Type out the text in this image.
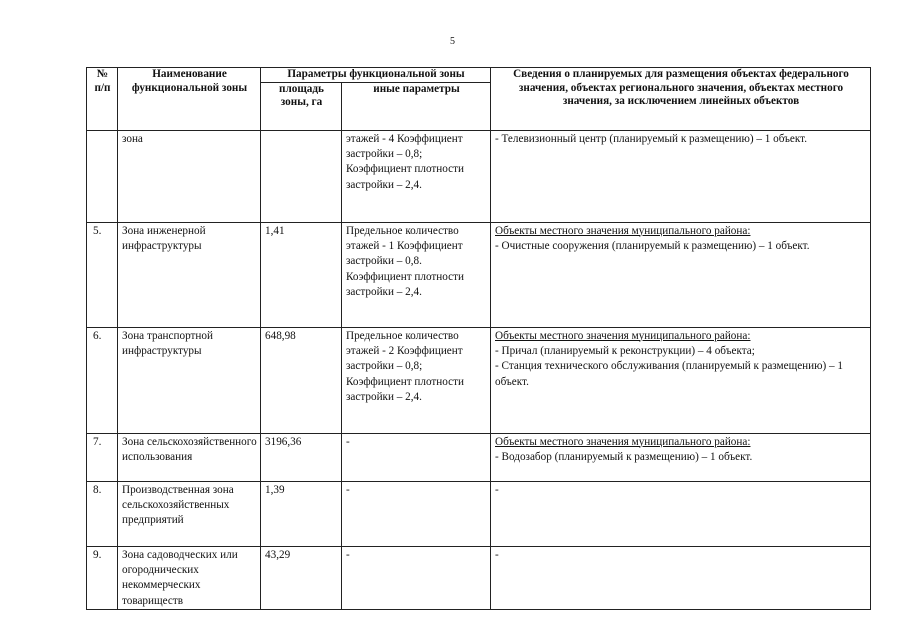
5
№ п/п	Наименование функциональной зоны	Параметры функциональной зоны		Сведения о планируемых для размещения объектах федерального значения, объектах регионального значения, объектах местного значения, за исключением линейных объектов
		площадь зоны, га	иные параметры	
	зона		этажей - 4 Коэффициент застройки – 0,8; Коэффициент плотности застройки – 2,4.	- Телевизионный центр (планируемый к размещению) – 1 объект.

5.	Зона инженерной инфраструктуры	1,41	Предельное количество этажей - 1 Коэффициент застройки – 0,8. Коэффициент плотности застройки – 2,4.	Объекты местного значения муниципального района:
- Очистные сооружения (планируемый к размещению) – 1 объект.

6.	Зона транспортной инфраструктуры	648,98	Предельное количество этажей - 2 Коэффициент застройки – 0,8; Коэффициент плотности застройки – 2,4.	Объекты местного значения муниципального района:
- Причал (планируемый к реконструкции) – 4 объекта;
- Станция технического обслуживания (планируемый к размещению) – 1 объект.

7.	Зона сельскохозяйственного использования	3196,36	-	Объекты местного значения муниципального района:
- Водозабор (планируемый к размещению) – 1 объект.

8.	Производственная зона сельскохозяйственных предприятий	1,39	-	-

9.	Зона садоводческих или огороднических некоммерческих товариществ	43,29	-	-
